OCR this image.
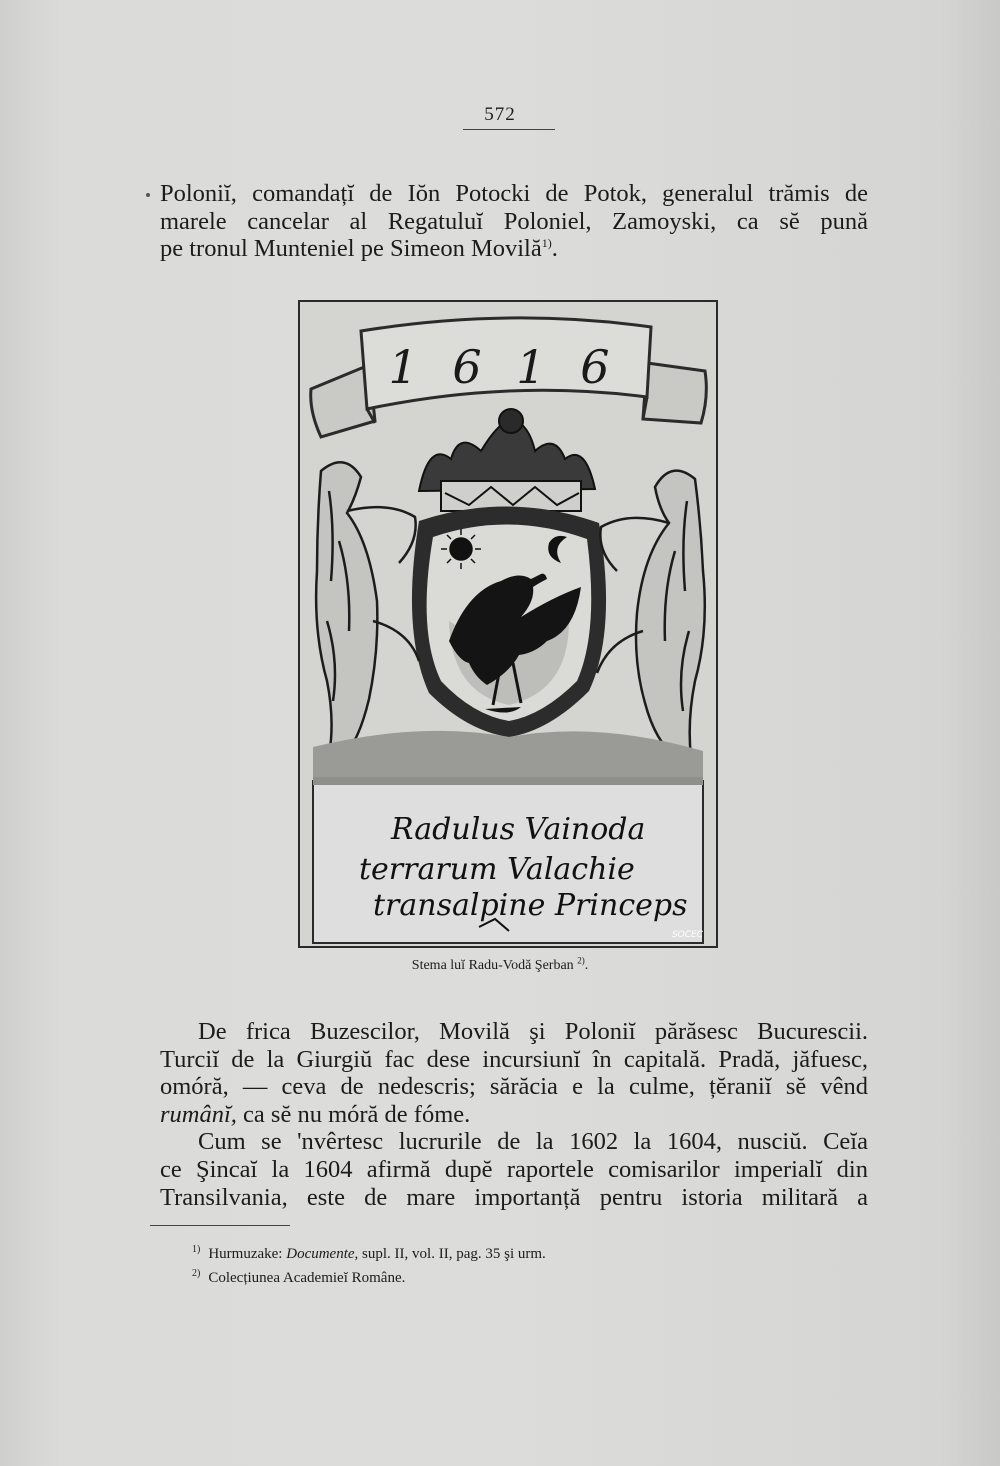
572
Poloniĭ, comandațĭ de Iŏn Potocki de Potok, generalul trămis de
marele cancelar al Regatuluĭ Poloniel, Zamoyski, ca sĕ pună
pe tronul Munteniel pe Simeon Movilă$^{1)}$.
1 6 1 6
Radulus Vainoda
terrarum Valachie
transalpine Princeps
SOCEC
Stema luĭ Radu-Vodă Şerban $^{2)}$.
De frica Buzescilor, Movilă şi Poloniĭ părăsesc Bucurescii.
Turciĭ de la Giurgiŭ fac dese incursiunĭ în capitală. Pradă, jăfuesc,
omóră, — ceva de nedescris; sărăcia e la culme, țĕraniĭ sĕ vênd
rumânĭ, ca sĕ nu móră de fóme.
Cum se 'nvêrtesc lucrurile de la 1602 la 1604, nusciŭ. Ceĭa
ce Şincaĭ la 1604 afirmă dupĕ raportele comisarilor imperialĭ din
Transilvania, este de mare importanță pentru istoria militară a
$^{1)}$ Hurmuzake: Documente, supl. II, vol. II, pag. 35 şi urm.
$^{2)}$ Colecțiunea Academieĭ Române.
